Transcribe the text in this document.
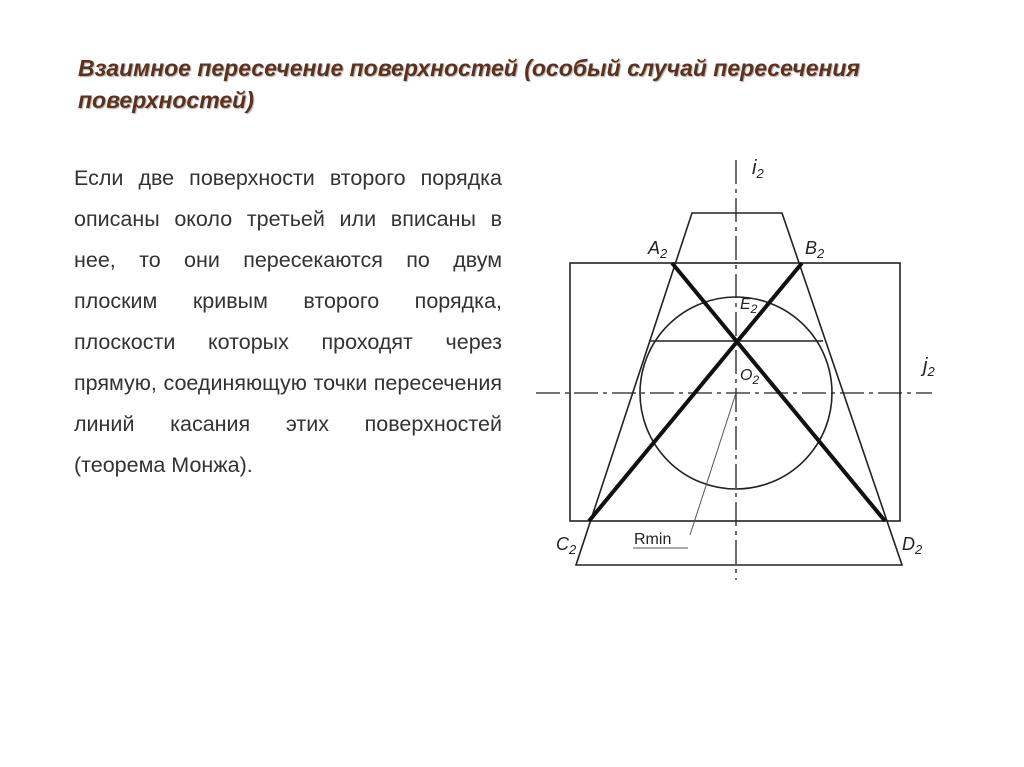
Взаимное пересечение поверхностей (особый случай пересечения поверхностей)

Если две поверхности второго порядка описаны около третьей или вписаны в нее, то они пересекаются по двум плоским кривым второго порядка, плоскости которых проходят через прямую, соединяющую точки пересечения линий касания этих поверхностей (теорема Монжа).

$i_2$
$j_2$
$A_2$	$B_2$
$C_2$	$D_2$
$E_2$
$O_2$
Rmin
